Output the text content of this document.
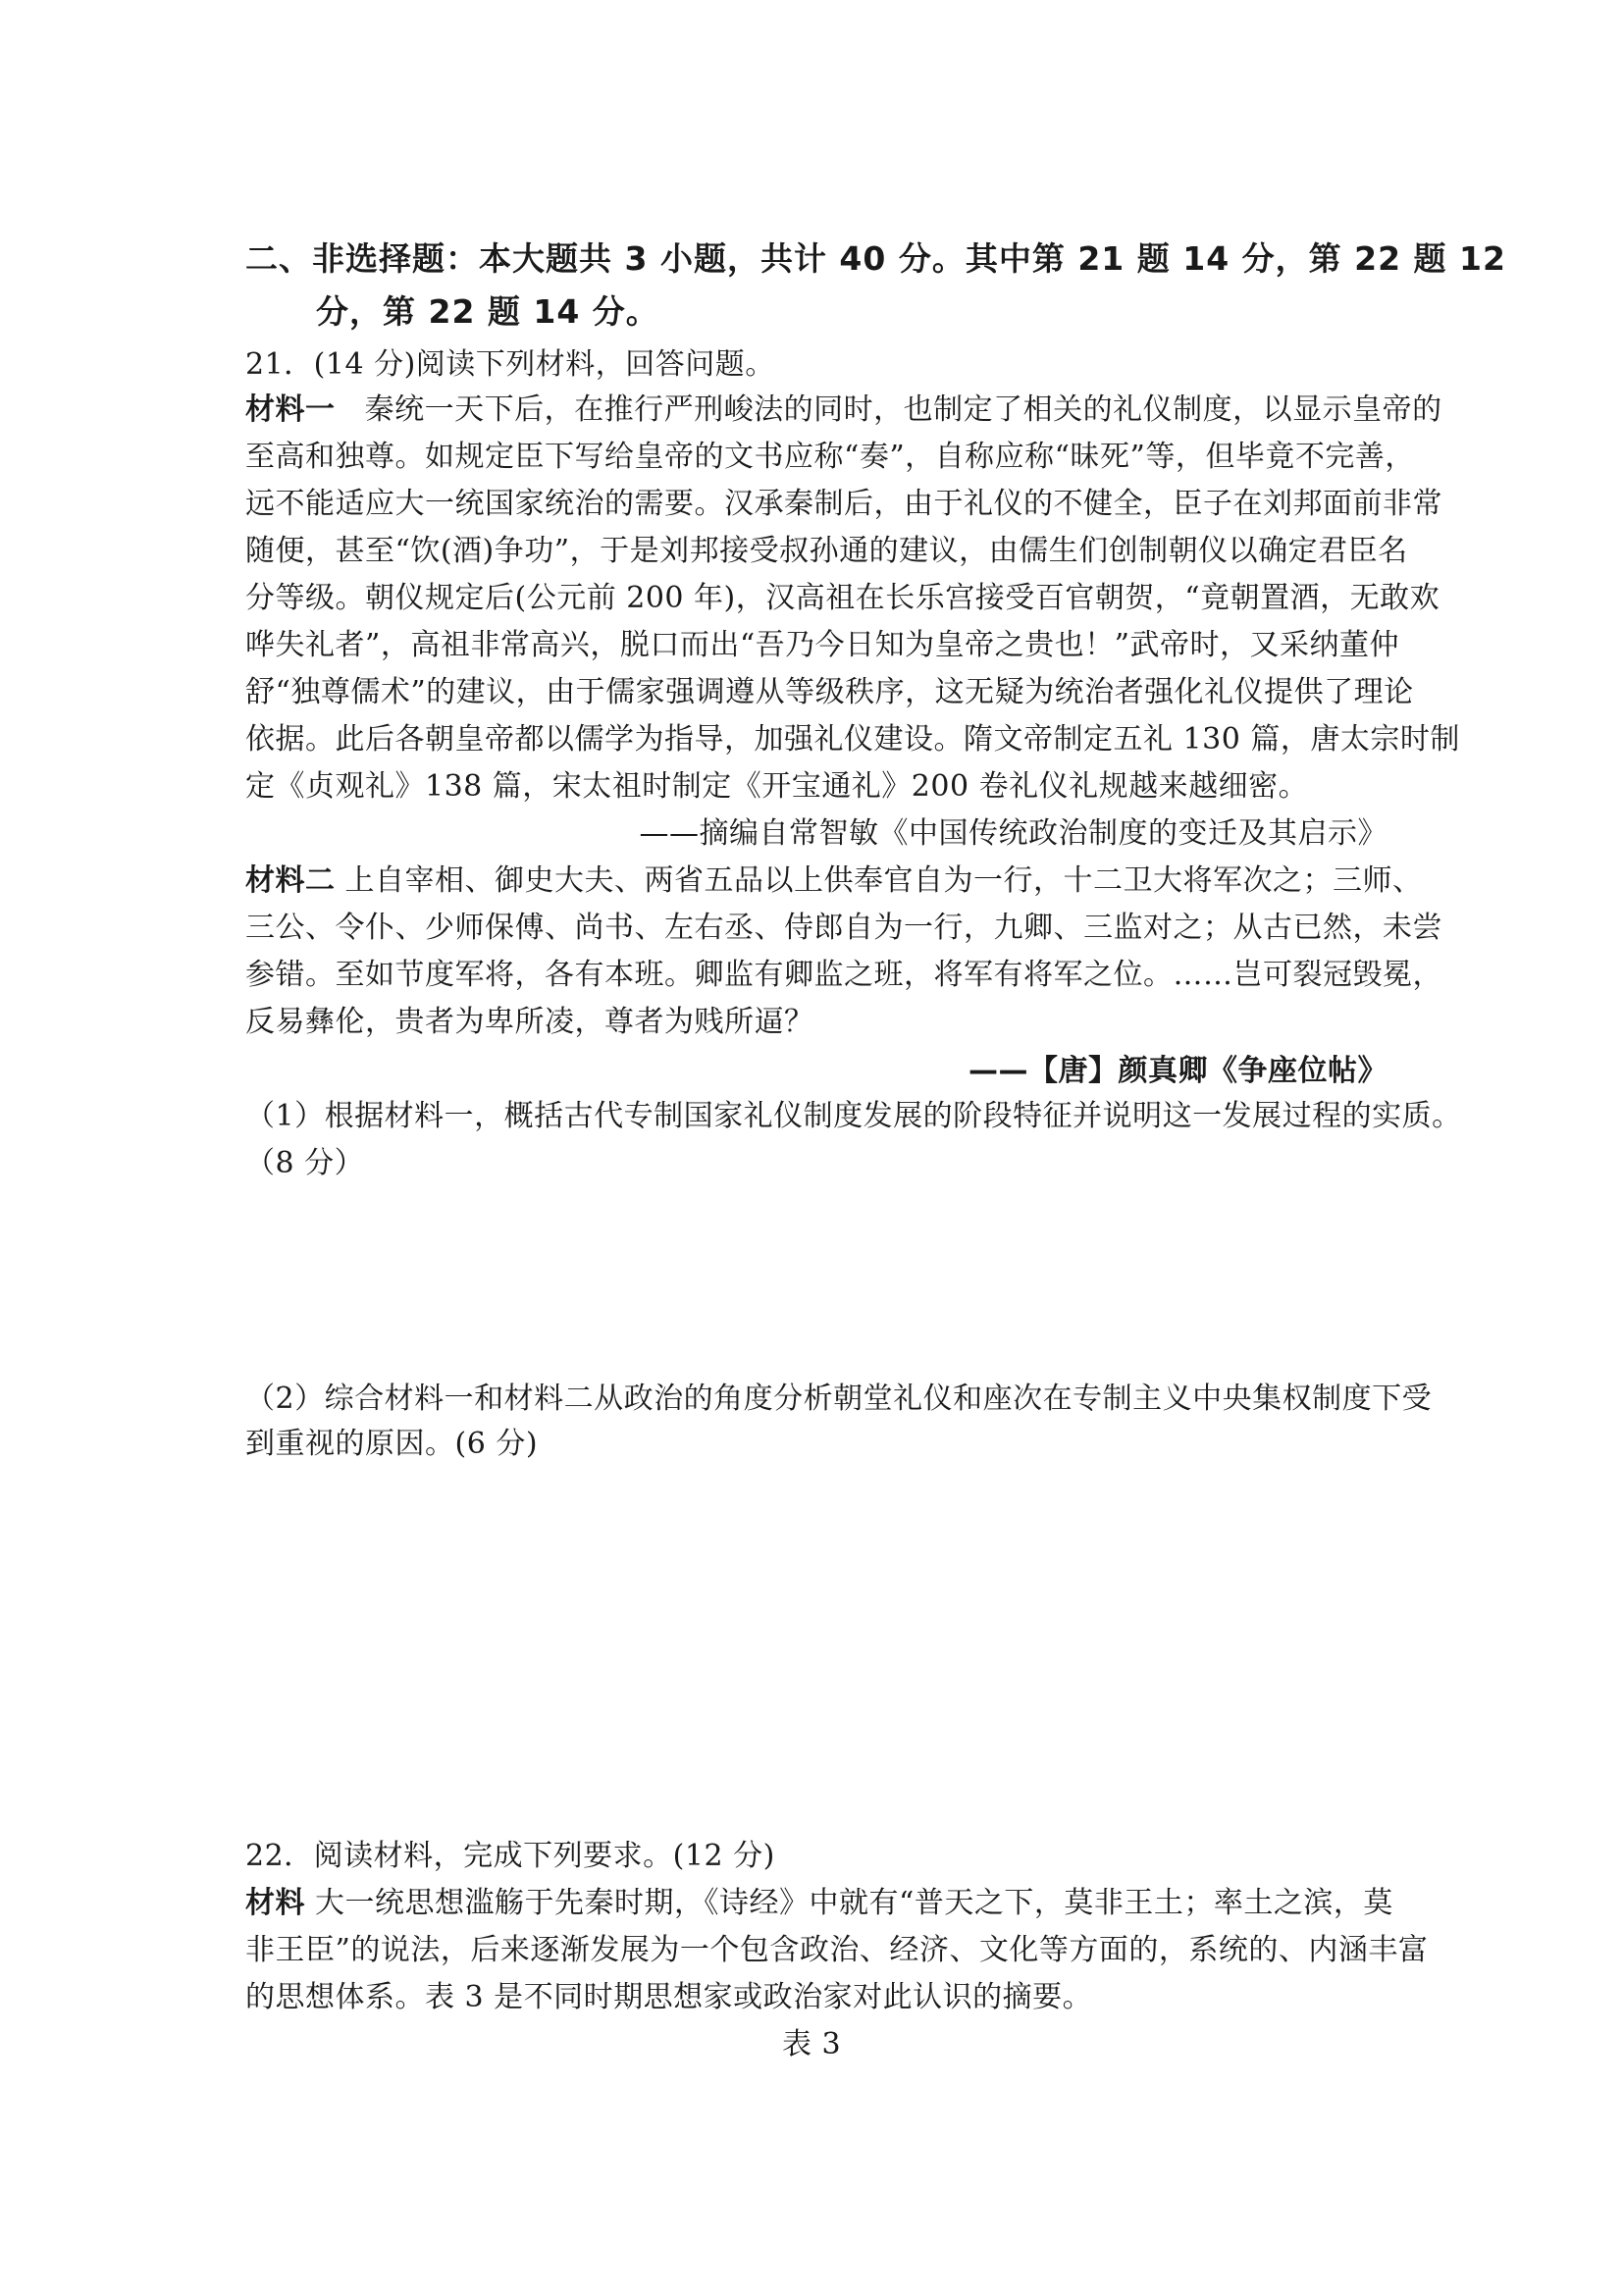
二、非选择题：本大题共 3 小题，共计 40 分。其中第 21 题 14 分，第 22 题 12
分，第 22 题 14 分。
21．(14 分)阅读下列材料，回答问题。
材料一 秦统一天下后，在推行严刑峻法的同时，也制定了相关的礼仪制度，以显示皇帝的
至高和独尊。如规定臣下写给皇帝的文书应称“奏”，自称应称“昧死”等，但毕竟不完善，
远不能适应大一统国家统治的需要。汉承秦制后，由于礼仪的不健全，臣子在刘邦面前非常
随便，甚至“饮(酒)争功”，于是刘邦接受叔孙通的建议，由儒生们创制朝仪以确定君臣名
分等级。朝仪规定后(公元前 200 年)，汉高祖在长乐宫接受百官朝贺，“竟朝置酒，无敢欢
哗失礼者”，高祖非常高兴，脱口而出“吾乃今日知为皇帝之贵也！”武帝时，又采纳董仲
舒“独尊儒术”的建议，由于儒家强调遵从等级秩序，这无疑为统治者强化礼仪提供了理论
依据。此后各朝皇帝都以儒学为指导，加强礼仪建设。隋文帝制定五礼 130 篇，唐太宗时制
定《贞观礼》138 篇，宋太祖时制定《开宝通礼》200 卷礼仪礼规越来越细密。
——摘编自常智敏《中国传统政治制度的变迁及其启示》
材料二 上自宰相、御史大夫、两省五品以上供奉官自为一行，十二卫大将军次之；三师、
三公、令仆、少师保傅、尚书、左右丞、侍郎自为一行，九卿、三监对之；从古已然，未尝
参错。至如节度军将，各有本班。卿监有卿监之班，将军有将军之位。……岂可裂冠毁冕，
反易彝伦，贵者为卑所凌，尊者为贱所逼？
——【唐】颜真卿《争座位帖》
（1）根据材料一，概括古代专制国家礼仪制度发展的阶段特征并说明这一发展过程的实质。
（8 分）
（2）综合材料一和材料二从政治的角度分析朝堂礼仪和座次在专制主义中央集权制度下受
到重视的原因。(6 分)
22．阅读材料，完成下列要求。(12 分)
材料 大一统思想滥觞于先秦时期，《诗经》中就有“普天之下，莫非王土；率土之滨，莫
非王臣”的说法，后来逐渐发展为一个包含政治、经济、文化等方面的，系统的、内涵丰富
的思想体系。表 3 是不同时期思想家或政治家对此认识的摘要。
表 3
